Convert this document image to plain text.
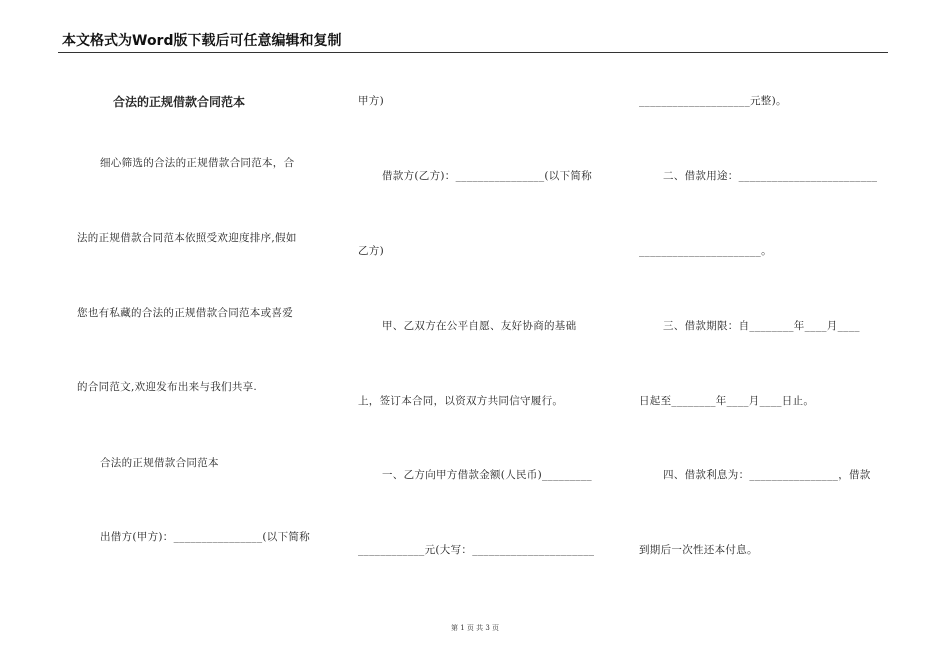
本文格式为Word版下载后可任意编辑和复制
合法的正规借款合同范本
细心筛选的合法的正规借款合同范本，合
法的正规借款合同范本依照受欢迎度排序,假如
您也有私藏的合法的正规借款合同范本或喜爱
的合同范文,欢迎发布出来与我们共享.
合法的正规借款合同范本
出借方(甲方)：________________(以下简称
甲方)
借款方(乙方)：________________(以下简称
乙方)
甲、乙双方在公平自愿、友好协商的基础
上，签订本合同，以资双方共同信守履行。
一、乙方向甲方借款金额(人民币)_________
____________元(大写：______________________
____________________元整)。
二、借款用途：_________________________
______________________。
三、借款期限：自________年____月____
日起至________年____月____日止。
四、借款利息为：________________，借款
到期后一次性还本付息。
第 1 页 共 3 页
